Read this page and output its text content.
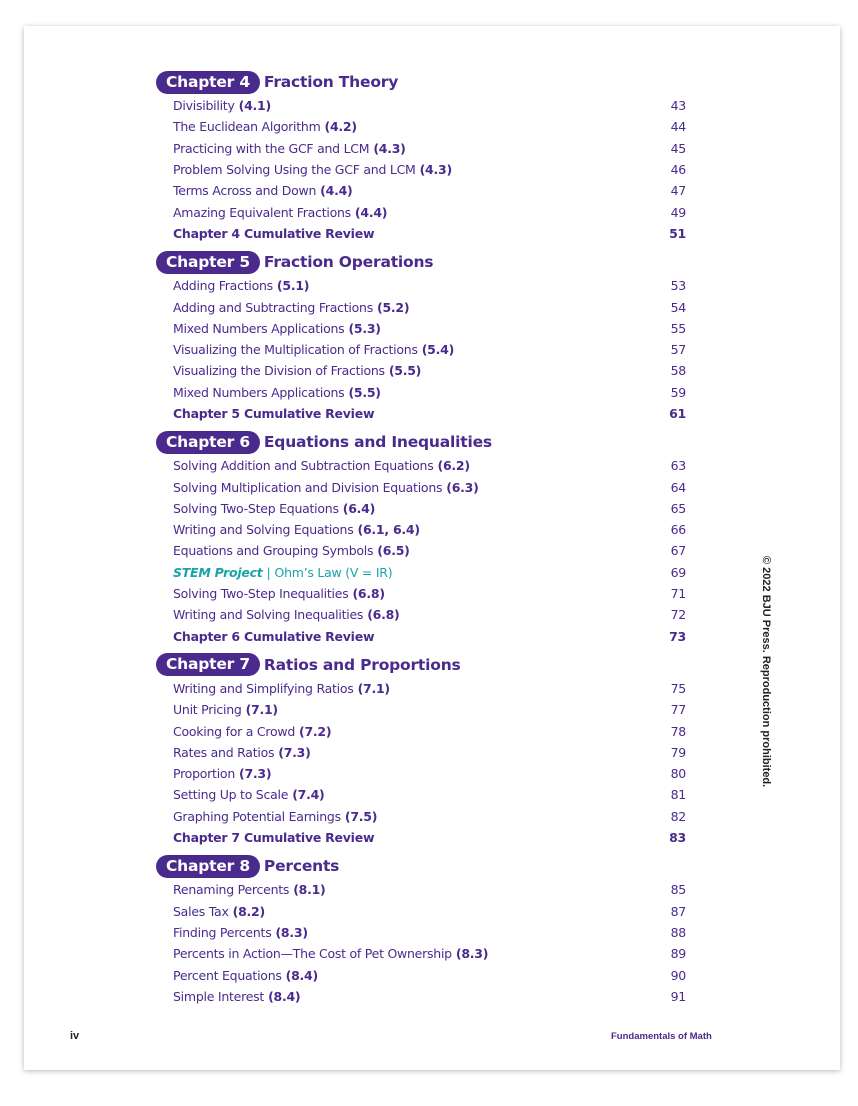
Chapter 4 Fraction Theory
Divisibility (4.1)	43
The Euclidean Algorithm (4.2)	44
Practicing with the GCF and LCM (4.3)	45
Problem Solving Using the GCF and LCM (4.3)	46
Terms Across and Down (4.4)	47
Amazing Equivalent Fractions (4.4)	49
Chapter 4 Cumulative Review	51
Chapter 5 Fraction Operations
Adding Fractions (5.1)	53
Adding and Subtracting Fractions (5.2)	54
Mixed Numbers Applications (5.3)	55
Visualizing the Multiplication of Fractions (5.4)	57
Visualizing the Division of Fractions (5.5)	58
Mixed Numbers Applications (5.5)	59
Chapter 5 Cumulative Review	61
Chapter 6 Equations and Inequalities
Solving Addition and Subtraction Equations (6.2)	63
Solving Multiplication and Division Equations (6.3)	64
Solving Two-Step Equations (6.4)	65
Writing and Solving Equations (6.1, 6.4)	66
Equations and Grouping Symbols (6.5)	67
STEM Project | Ohm’s Law (V = IR)	69
Solving Two-Step Inequalities (6.8)	71
Writing and Solving Inequalities (6.8)	72
Chapter 6 Cumulative Review	73
Chapter 7 Ratios and Proportions
Writing and Simplifying Ratios (7.1)	75
Unit Pricing (7.1)	77
Cooking for a Crowd (7.2)	78
Rates and Ratios (7.3)	79
Proportion (7.3)	80
Setting Up to Scale (7.4)	81
Graphing Potential Earnings (7.5)	82
Chapter 7 Cumulative Review	83
Chapter 8 Percents
Renaming Percents (8.1)	85
Sales Tax (8.2)	87
Finding Percents (8.3)	88
Percents in Action—The Cost of Pet Ownership (8.3)	89
Percent Equations (8.4)	90
Simple Interest (8.4)	91
© 2022 BJU Press. Reproduction prohibited.
iv	Fundamentals of Math
